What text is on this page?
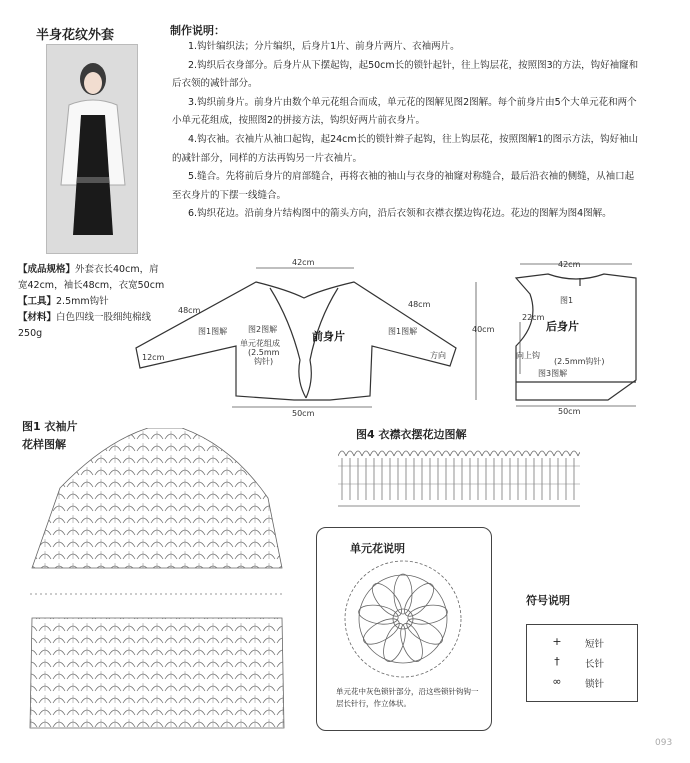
半身花纹外套	制作说明：

1.钩针编织法；分片编织，后身片1片、前身片两片、衣袖两片。

2.钩织后衣身部分。后身片从下摆起钩，起50cm长的锁针起针，往上钩层花，按照图3的方法，钩好袖窿和后衣领的减针部分。

3.钩织前身片。前身片由数个单元花组合而成，单元花的图解见图2图解。每个前身片由5个大单元花和两个小单元花组成，按照图2的拼接方法，钩织好两片前衣身片。

4.钩衣袖。衣袖片从袖口起钩，起24cm长的锁针辫子起钩，往上钩层花，按照图解1的图示方法，钩好袖山的减针部分，同样的方法再钩另一片衣袖片。

5.缝合。先将前后身片的肩部缝合，再将衣袖的袖山与衣身的袖窿对称缝合，最后沿衣袖的侧缝，从袖口起至衣身片的下摆一线缝合。

6.钩织花边。沿前身片结构图中的箭头方向，沿后衣领和衣襟衣摆边钩花边。花边的图解为图4图解。

【成品规格】外套衣长40cm，肩宽42cm，袖长48cm，衣宽50cm

【工具】2.5mm钩针

【材料】白色四线一股细纯棉线250g

42cm
48cm
48cm
12cm
40cm
50cm
图1图解	图2图解	图1图解
单元花组成
(2.5mm
钩针)
方向
42cm
22cm
图1
向上钩
(2.5mm钩针)
图3图解
50cm
前身片
后身片
图1 衣袖片
花样图解
图4 衣襟衣摆花边图解
单元花说明
单元花中灰色锁针部分，沿这些锁针钩钩一层长针行，作立体状。
符号说明
+	短针
†	长针
∞	锁针
093
